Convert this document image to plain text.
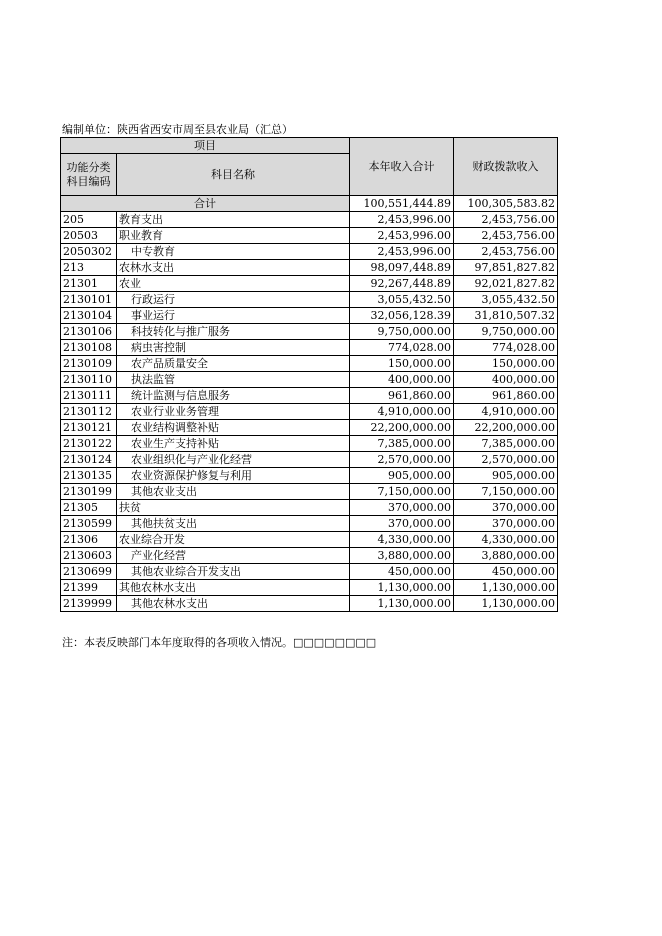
编制单位：陕西省西安市周至县农业局（汇总）
项目		本年收入合计	财政拨款收入
功能分类科目编码	科目名称		
合计		100,551,444.89	100,305,583.82
205	教育支出	2,453,996.00	2,453,756.00
20503	职业教育	2,453,996.00	2,453,756.00
2050302	中专教育	2,453,996.00	2,453,756.00
213	农林水支出	98,097,448.89	97,851,827.82
21301	农业	92,267,448.89	92,021,827.82
2130101	行政运行	3,055,432.50	3,055,432.50
2130104	事业运行	32,056,128.39	31,810,507.32
2130106	科技转化与推广服务	9,750,000.00	9,750,000.00
2130108	病虫害控制	774,028.00	774,028.00
2130109	农产品质量安全	150,000.00	150,000.00
2130110	执法监管	400,000.00	400,000.00
2130111	统计监测与信息服务	961,860.00	961,860.00
2130112	农业行业业务管理	4,910,000.00	4,910,000.00
2130121	农业结构调整补贴	22,200,000.00	22,200,000.00
2130122	农业生产支持补贴	7,385,000.00	7,385,000.00
2130124	农业组织化与产业化经营	2,570,000.00	2,570,000.00
2130135	农业资源保护修复与利用	905,000.00	905,000.00
2130199	其他农业支出	7,150,000.00	7,150,000.00
21305	扶贫	370,000.00	370,000.00
2130599	其他扶贫支出	370,000.00	370,000.00
21306	农业综合开发	4,330,000.00	4,330,000.00
2130603	产业化经营	3,880,000.00	3,880,000.00
2130699	其他农业综合开发支出	450,000.00	450,000.00
21399	其他农林水支出	1,130,000.00	1,130,000.00
2139999	其他农林水支出	1,130,000.00	1,130,000.00
注：本表反映部门本年度取得的各项收入情况。□□□□□□□□
